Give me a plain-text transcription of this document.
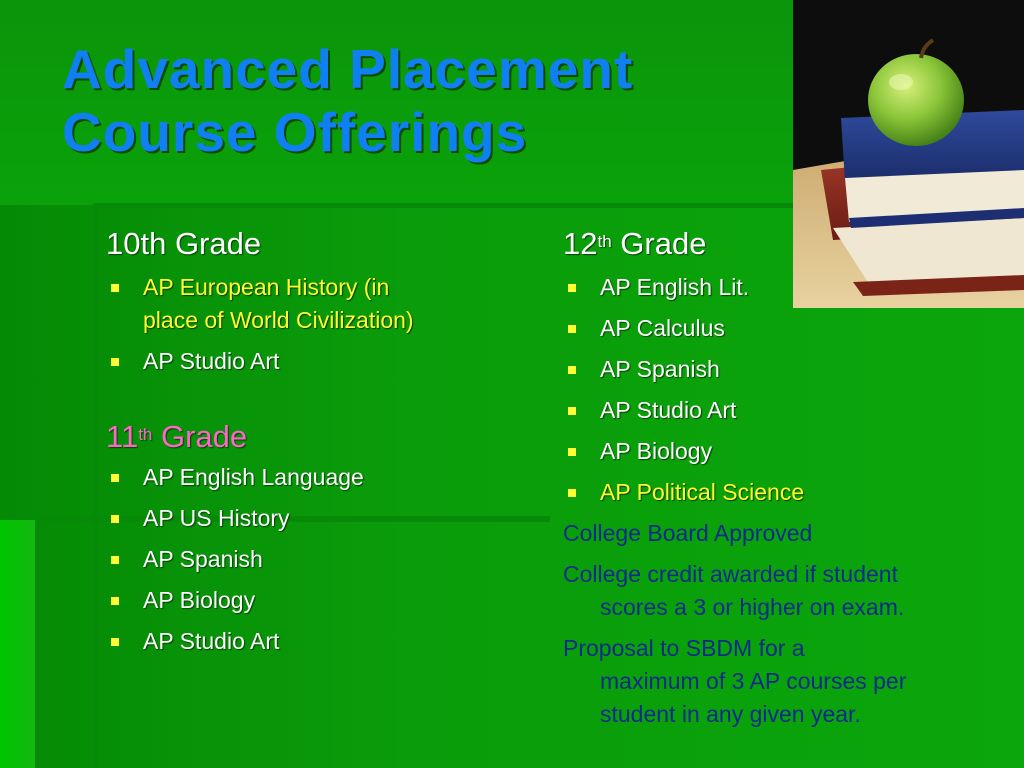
Advanced Placement
Course Offerings
10th Grade
AP European History (in
place of World Civilization)
AP Studio Art
11th Grade
AP English Language
AP US History
AP Spanish
AP Biology
AP Studio Art
12th Grade
AP English Lit.
AP Calculus
AP Spanish
AP Studio Art
AP Biology
AP Political Science
College Board Approved
College credit awarded if student
scores a 3 or higher on exam.
Proposal to SBDM for a
maximum of 3 AP courses per
student in any given year.
